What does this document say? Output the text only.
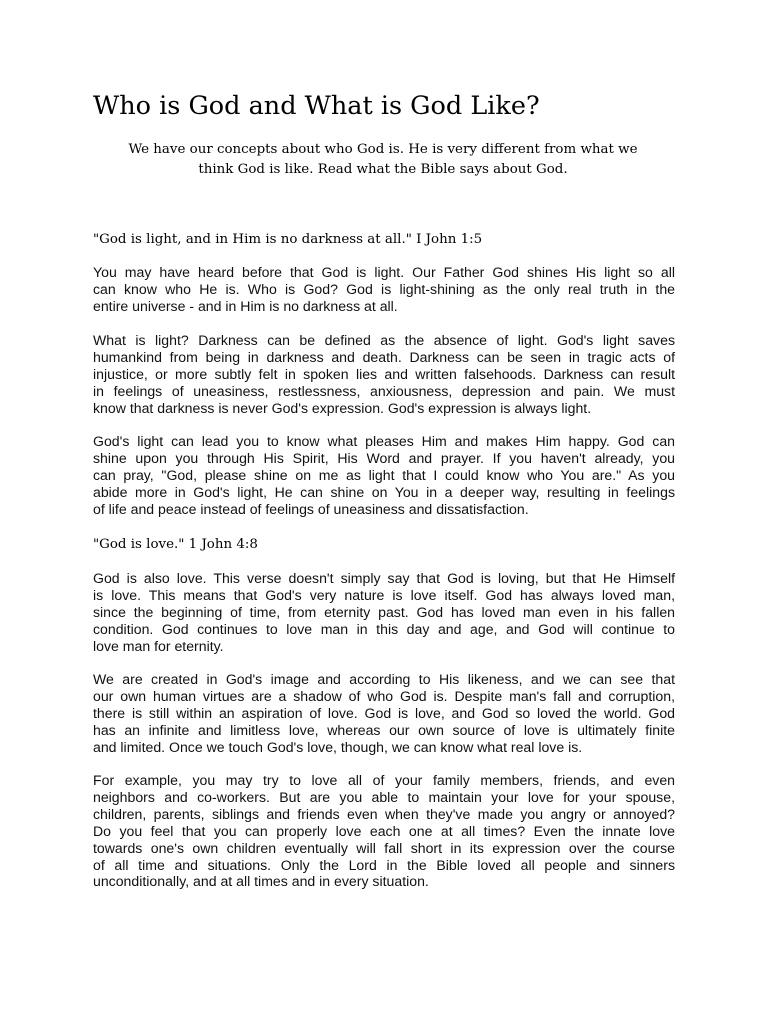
Who is God and What is God Like?
We have our concepts about who God is. He is very different from what we
think God is like. Read what the Bible says about God.

"God is light, and in Him is no darkness at all." I John 1:5

You may have heard before that God is light. Our Father God shines His light so all
can know who He is. Who is God? God is light-shining as the only real truth in the
entire universe - and in Him is no darkness at all.
What is light? Darkness can be defined as the absence of light. God's light saves
humankind from being in darkness and death. Darkness can be seen in tragic acts of
injustice, or more subtly felt in spoken lies and written falsehoods. Darkness can result
in feelings of uneasiness, restlessness, anxiousness, depression and pain. We must
know that darkness is never God's expression. God's expression is always light.
God's light can lead you to know what pleases Him and makes Him happy. God can
shine upon you through His Spirit, His Word and prayer. If you haven't already, you
can pray, "God, please shine on me as light that I could know who You are." As you
abide more in God's light, He can shine on You in a deeper way, resulting in feelings
of life and peace instead of feelings of uneasiness and dissatisfaction.

"God is love." 1 John 4:8

God is also love. This verse doesn't simply say that God is loving, but that He Himself
is love. This means that God's very nature is love itself. God has always loved man,
since the beginning of time, from eternity past. God has loved man even in his fallen
condition. God continues to love man in this day and age, and God will continue to
love man for eternity.
We are created in God's image and according to His likeness, and we can see that
our own human virtues are a shadow of who God is. Despite man's fall and corruption,
there is still within an aspiration of love. God is love, and God so loved the world. God
has an infinite and limitless love, whereas our own source of love is ultimately finite
and limited. Once we touch God's love, though, we can know what real love is.
For example, you may try to love all of your family members, friends, and even
neighbors and co-workers. But are you able to maintain your love for your spouse,
children, parents, siblings and friends even when they've made you angry or annoyed?
Do you feel that you can properly love each one at all times? Even the innate love
towards one's own children eventually will fall short in its expression over the course
of all time and situations. Only the Lord in the Bible loved all people and sinners
unconditionally, and at all times and in every situation.
